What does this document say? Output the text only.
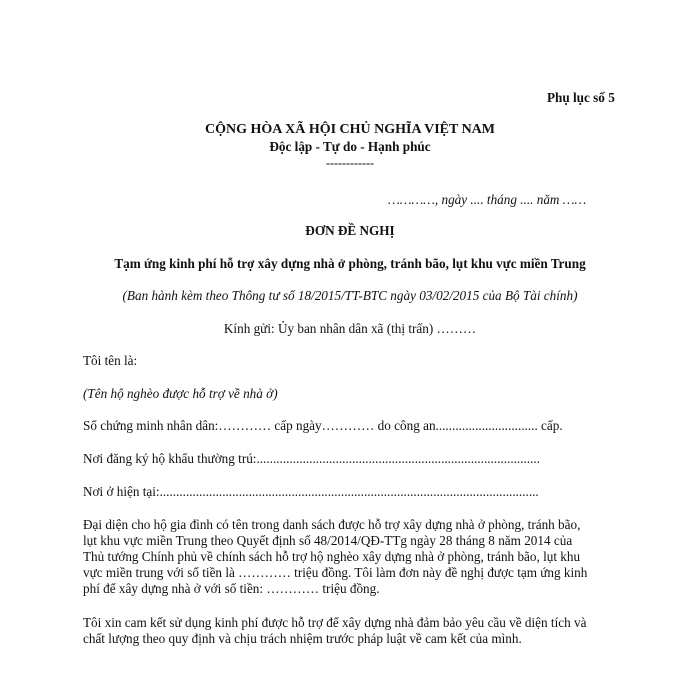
Phụ lục số 5
CỘNG HÒA XÃ HỘI CHỦ NGHĨA VIỆT NAM
Độc lập - Tự do - Hạnh phúc
------------
…………, ngày .... tháng .... năm ……
ĐƠN ĐỀ NGHỊ
Tạm ứng kinh phí hỗ trợ xây dựng nhà ở phòng, tránh bão, lụt khu vực miền Trung
(Ban hành kèm theo Thông tư số 18/2015/TT-BTC ngày 03/02/2015 của Bộ Tài chính)
Kính gửi: Ủy ban nhân dân xã (thị trấn) ………
Tôi tên là:
(Tên hộ nghèo được hỗ trợ về nhà ở)
Số chứng minh nhân dân:………… cấp ngày………… do công an............................... cấp.
Nơi đăng ký hộ khẩu thường trú:......................................................................................
Nơi ở hiện tại:...................................................................................................................
Đại diện cho hộ gia đình có tên trong danh sách được hỗ trợ xây dựng nhà ở phòng, tránh bão,
lụt khu vực miền Trung theo Quyết định số 48/2014/QĐ-TTg ngày 28 tháng 8 năm 2014 của
Thủ tướng Chính phủ về chính sách hỗ trợ hộ nghèo xây dựng nhà ở phòng, tránh bão, lụt khu
vực miền trung với số tiền là ………… triệu đồng. Tôi làm đơn này đề nghị được tạm ứng kinh
phí để xây dựng nhà ở với số tiền: ………… triệu đồng.
Tôi xin cam kết sử dụng kinh phí được hỗ trợ để xây dựng nhà đảm bảo yêu cầu về diện tích và
chất lượng theo quy định và chịu trách nhiệm trước pháp luật về cam kết của mình.
